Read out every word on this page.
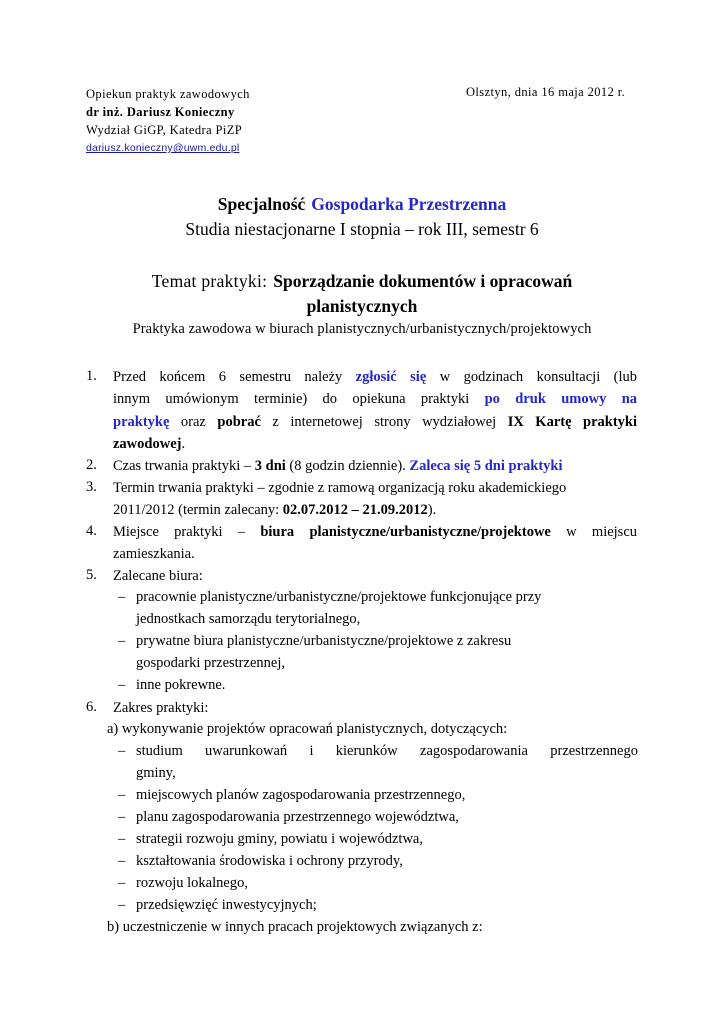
Opiekun praktyk zawodowych
dr inż. Dariusz Konieczny
Wydział GiGP, Katedra PiZP
dariusz.konieczny@uwm.edu.pl
Olsztyn, dnia 16 maja 2012 r.
Specjalność Gospodarka Przestrzenna
Studia niestacjonarne I stopnia – rok III, semestr 6
Temat praktyki: Sporządzanie dokumentów i opracowań
planistycznych
Praktyka zawodowa w biurach planistycznych/urbanistycznych/projektowych
1. Przed końcem 6 semestru należy zgłosić się w godzinach konsultacji (lub
innym umówionym terminie) do opiekuna praktyki po druk umowy na
praktykę oraz pobrać z internetowej strony wydziałowej IX Kartę praktyki
zawodowej.
2. Czas trwania praktyki – 3 dni (8 godzin dziennie). Zaleca się 5 dni praktyki
3. Termin trwania praktyki – zgodnie z ramową organizacją roku akademickiego
2011/2012 (termin zalecany: 02.07.2012 – 21.09.2012).
4. Miejsce praktyki – biura planistyczne/urbanistyczne/projektowe w miejscu
zamieszkania.
5. Zalecane biura:
– pracownie planistyczne/urbanistyczne/projektowe funkcjonujące przy
jednostkach samorządu terytorialnego,
– prywatne biura planistyczne/urbanistyczne/projektowe z zakresu
gospodarki przestrzennej,
– inne pokrewne.
6. Zakres praktyki:
a) wykonywanie projektów opracowań planistycznych, dotyczących:
– studium uwarunkowań i kierunków zagospodarowania przestrzennego
gminy,
– miejscowych planów zagospodarowania przestrzennego,
– planu zagospodarowania przestrzennego województwa,
– strategii rozwoju gminy, powiatu i województwa,
– kształtowania środowiska i ochrony przyrody,
– rozwoju lokalnego,
– przedsięwzięć inwestycyjnych;
b) uczestniczenie w innych pracach projektowych związanych z:
